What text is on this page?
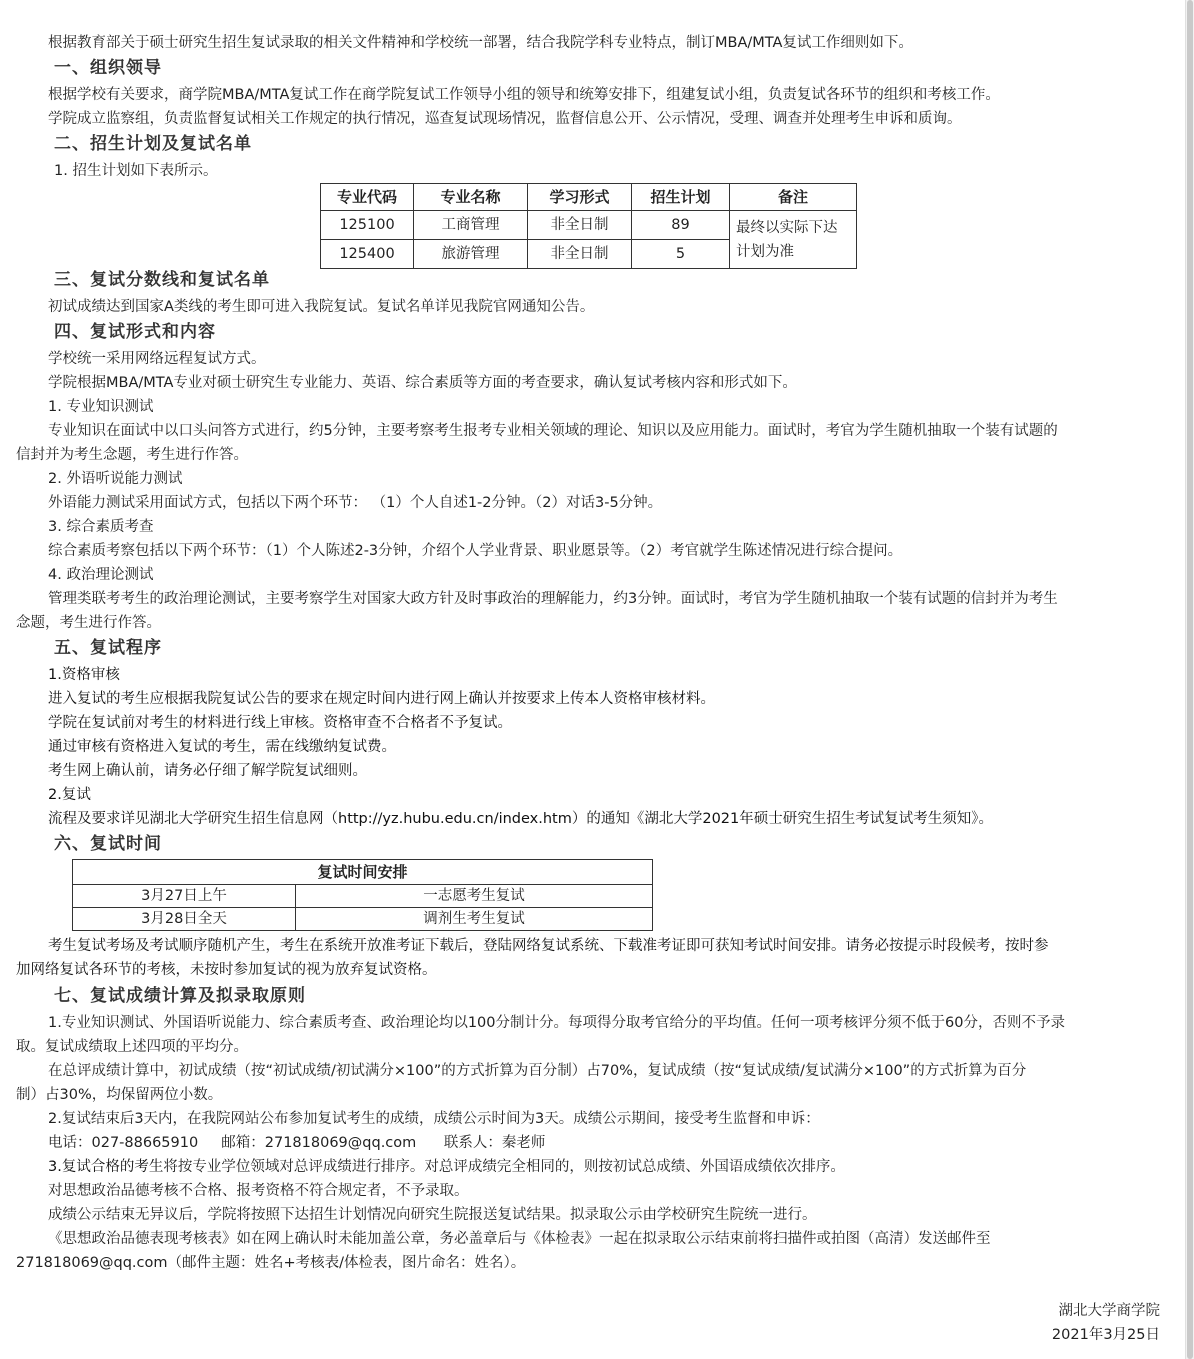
根据教育部关于硕士研究生招生复试录取的相关文件精神和学校统一部署，结合我院学科专业特点，制订MBA/MTA复试工作细则如下。
一、组织领导
根据学校有关要求，商学院MBA/MTA复试工作在商学院复试工作领导小组的领导和统筹安排下，组建复试小组，负责复试各环节的组织和考核工作。
学院成立监察组，负责监督复试相关工作规定的执行情况，巡查复试现场情况，监督信息公开、公示情况，受理、调查并处理考生申诉和质询。
二、招生计划及复试名单
1. 招生计划如下表所示。
专业代码	专业名称	学习形式	招生计划	备注
125100	工商管理	非全日制	89	最终以实际下达计划为准
125400	旅游管理	非全日制	5	
三、复试分数线和复试名单
初试成绩达到国家A类线的考生即可进入我院复试。复试名单详见我院官网通知公告。
四、复试形式和内容
学校统一采用网络远程复试方式。
学院根据MBA/MTA专业对硕士研究生专业能力、英语、综合素质等方面的考查要求，确认复试考核内容和形式如下。
1. 专业知识测试
专业知识在面试中以口头问答方式进行，约5分钟，主要考察考生报考专业相关领域的理论、知识以及应用能力。面试时，考官为学生随机抽取一个装有试题的
信封并为考生念题，考生进行作答。
2. 外语听说能力测试
外语能力测试采用面试方式，包括以下两个环节： （1）个人自述1-2分钟。（2）对话3-5分钟。
3. 综合素质考查
综合素质考察包括以下两个环节：（1）个人陈述2-3分钟，介绍个人学业背景、职业愿景等。（2）考官就学生陈述情况进行综合提问。
4. 政治理论测试
管理类联考考生的政治理论测试，主要考察学生对国家大政方针及时事政治的理解能力，约3分钟。面试时，考官为学生随机抽取一个装有试题的信封并为考生
念题，考生进行作答。
五、复试程序
1.资格审核
进入复试的考生应根据我院复试公告的要求在规定时间内进行网上确认并按要求上传本人资格审核材料。
学院在复试前对考生的材料进行线上审核。资格审查不合格者不予复试。
通过审核有资格进入复试的考生，需在线缴纳复试费。
考生网上确认前，请务必仔细了解学院复试细则。
2.复试
流程及要求详见湖北大学研究生招生信息网（http://yz.hubu.edu.cn/index.htm）的通知《湖北大学2021年硕士研究生招生考试复试考生须知》。
六、复试时间
复试时间安排	
3月27日上午	一志愿考生复试
3月28日全天	调剂生考生复试
考生复试考场及考试顺序随机产生，考生在系统开放准考证下载后，登陆网络复试系统、下载准考证即可获知考试时间安排。请务必按提示时段候考，按时参
加网络复试各环节的考核，未按时参加复试的视为放弃复试资格。
七、复试成绩计算及拟录取原则
1.专业知识测试、外国语听说能力、综合素质考查、政治理论均以100分制计分。每项得分取考官给分的平均值。任何一项考核评分须不低于60分，否则不予录
取。复试成绩取上述四项的平均分。
在总评成绩计算中，初试成绩（按“初试成绩/初试满分×100”的方式折算为百分制）占70%，复试成绩（按“复试成绩/复试满分×100”的方式折算为百分
制）占30%，均保留两位小数。
2.复试结束后3天内，在我院网站公布参加复试考生的成绩，成绩公示时间为3天。成绩公示期间，接受考生监督和申诉：
电话：027-88665910     邮箱：271818069@qq.com      联系人：秦老师
3.复试合格的考生将按专业学位领域对总评成绩进行排序。对总评成绩完全相同的，则按初试总成绩、外国语成绩依次排序。
对思想政治品德考核不合格、报考资格不符合规定者，不予录取。
成绩公示结束无异议后，学院将按照下达招生计划情况向研究生院报送复试结果。拟录取公示由学校研究生院统一进行。
《思想政治品德表现考核表》如在网上确认时未能加盖公章，务必盖章后与《体检表》一起在拟录取公示结束前将扫描件或拍图（高清）发送邮件至
271818069@qq.com（邮件主题：姓名+考核表/体检表，图片命名：姓名）。
湖北大学商学院
2021年3月25日
